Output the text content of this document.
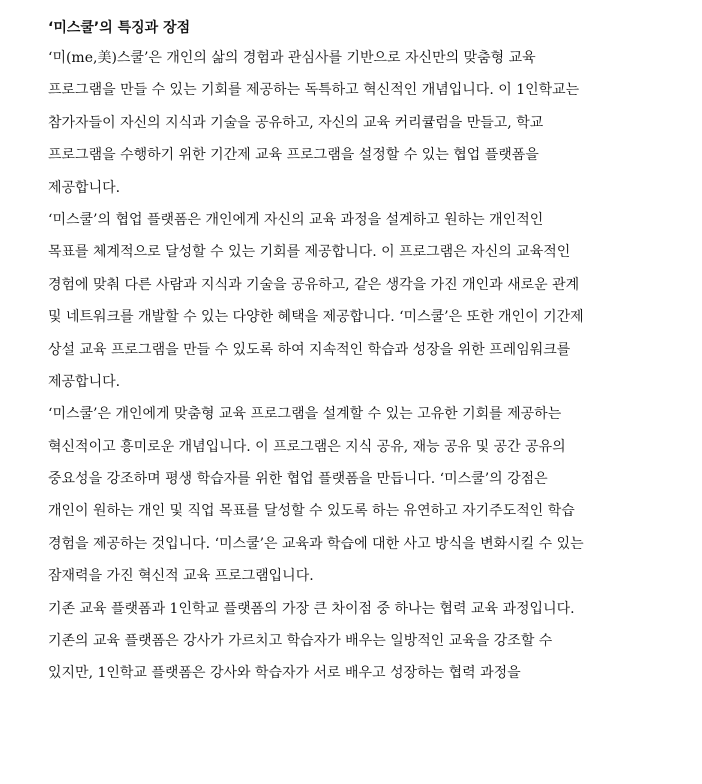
‘미스쿨’의 특징과 장점
‘미(me,美)스쿨’은 개인의 삶의 경험과 관심사를 기반으로 자신만의 맞춤형 교육
프로그램을 만들 수 있는 기회를 제공하는 독특하고 혁신적인 개념입니다. 이 1인학교는
참가자들이 자신의 지식과 기술을 공유하고, 자신의 교육 커리큘럼을 만들고, 학교
프로그램을 수행하기 위한 기간제 교육 프로그램을 설정할 수 있는 협업 플랫폼을
제공합니다.
‘미스쿨’의 협업 플랫폼은 개인에게 자신의 교육 과정을 설계하고 원하는 개인적인
목표를 체계적으로 달성할 수 있는 기회를 제공합니다. 이 프로그램은 자신의 교육적인
경험에 맞춰 다른 사람과 지식과 기술을 공유하고, 같은 생각을 가진 개인과 새로운 관계
및 네트워크를 개발할 수 있는 다양한 혜택을 제공합니다. ‘미스쿨’은 또한 개인이 기간제
상설 교육 프로그램을 만들 수 있도록 하여 지속적인 학습과 성장을 위한 프레임워크를
제공합니다.
‘미스쿨’은 개인에게 맞춤형 교육 프로그램을 설계할 수 있는 고유한 기회를 제공하는
혁신적이고 흥미로운 개념입니다. 이 프로그램은 지식 공유, 재능 공유 및 공간 공유의
중요성을 강조하며 평생 학습자를 위한 협업 플랫폼을 만듭니다. ‘미스쿨’의 강점은
개인이 원하는 개인 및 직업 목표를 달성할 수 있도록 하는 유연하고 자기주도적인 학습
경험을 제공하는 것입니다. ‘미스쿨’은 교육과 학습에 대한 사고 방식을 변화시킬 수 있는
잠재력을 가진 혁신적 교육 프로그램입니다.
기존 교육 플랫폼과 1인학교 플랫폼의 가장 큰 차이점 중 하나는 협력 교육 과정입니다.
기존의 교육 플랫폼은 강사가 가르치고 학습자가 배우는 일방적인 교육을 강조할 수
있지만, 1인학교 플랫폼은 강사와 학습자가 서로 배우고 성장하는 협력 과정을
